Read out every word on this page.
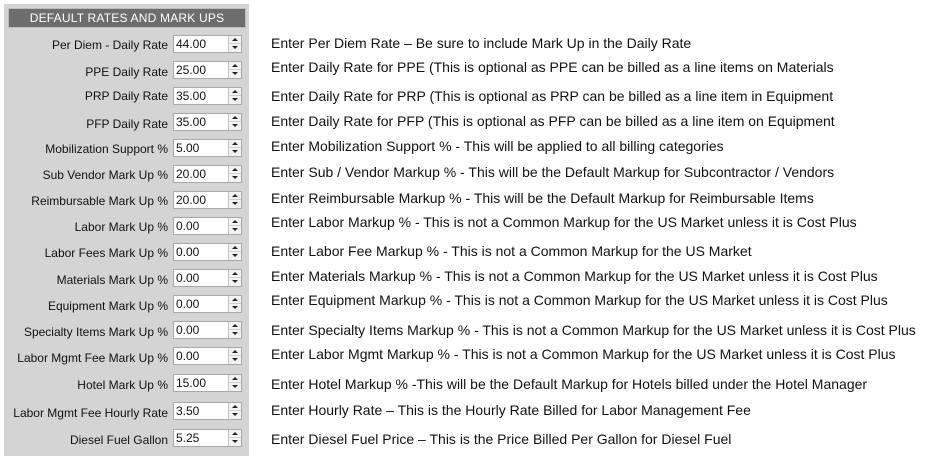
DEFAULT RATES AND MARK UPS
Per Diem - Daily Rate
44.00
PPE Daily Rate
25.00
PRP Daily Rate
35.00
PFP Daily Rate
35.00
Mobilization Support %
5.00
Sub Vendor Mark Up %
20.00
Reimbursable Mark Up %
20.00
Labor Mark Up %
0.00
Labor Fees Mark Up %
0.00
Materials Mark Up %
0.00
Equipment Mark Up %
0.00
Specialty Items Mark Up %
0.00
Labor Mgmt Fee Mark Up %
0.00
Hotel Mark Up %
15.00
Labor Mgmt Fee Hourly Rate
3.50
Diesel Fuel Gallon
5.25
Enter Per Diem Rate – Be sure to include Mark Up in the Daily Rate
Enter Daily Rate for PPE (This is optional as PPE can be billed as a line items on Materials
Enter Daily Rate for PRP (This is optional as PRP can be billed as a line item in Equipment
Enter Daily Rate for PFP (This is optional as PFP can be billed as a line item on Equipment
Enter Mobilization Support % - This will be applied to all billing categories
Enter Sub / Vendor Markup % - This will be the Default Markup for Subcontractor / Vendors
Enter Reimbursable Markup % - This will be the Default Markup for Reimbursable Items
Enter Labor Markup % - This is not a Common Markup for the US Market unless it is Cost Plus
Enter Labor Fee Markup % - This is not a Common Markup for the US Market
Enter Materials Markup % - This is not a Common Markup for the US Market unless it is Cost Plus
Enter Equipment Markup % - This is not a Common Markup for the US Market unless it is Cost Plus
Enter Specialty Items Markup % - This is not a Common Markup for the US Market unless it is Cost Plus
Enter Labor Mgmt Markup % - This is not a Common Markup for the US Market unless it is Cost Plus
Enter Hotel Markup % -This will be the Default Markup for Hotels billed under the Hotel Manager
Enter Hourly Rate – This is the Hourly Rate Billed for Labor Management Fee
Enter Diesel Fuel Price – This is the Price Billed Per Gallon for Diesel Fuel
